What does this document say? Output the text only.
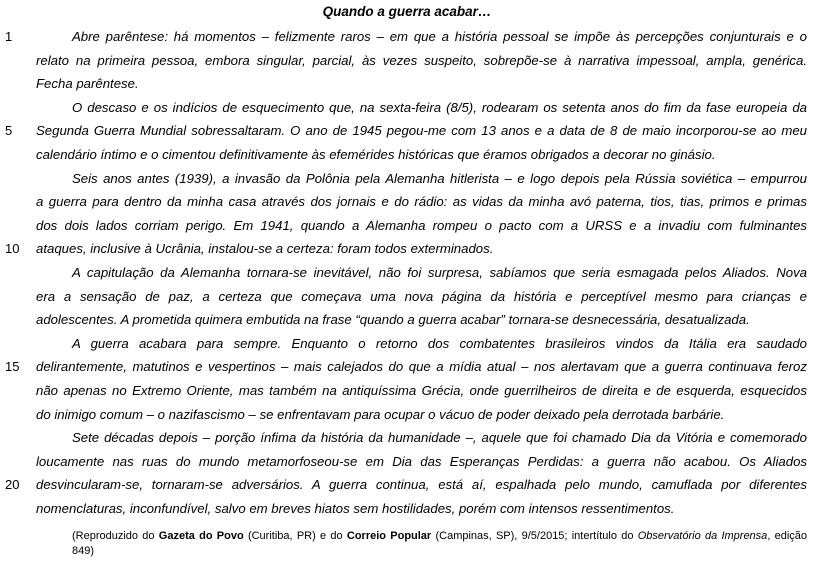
Quando a guerra acabar…
Abre parêntese: há momentos – felizmente raros – em que a história pessoal se impõe às percepções conjunturais e o
relato na primeira pessoa, embora singular, parcial, às vezes suspeito, sobrepõe-se à narrativa impessoal, ampla, genérica.
Fecha parêntese.
O descaso e os indícios de esquecimento que, na sexta-feira (8/5), rodearam os setenta anos do fim da fase europeia da
Segunda Guerra Mundial sobressaltaram. O ano de 1945 pegou-me com 13 anos e a data de 8 de maio incorporou-se ao meu
calendário íntimo e o cimentou definitivamente às efemérides históricas que éramos obrigados a decorar no ginásio.
Seis anos antes (1939), a invasão da Polônia pela Alemanha hitlerista – e logo depois pela Rússia soviética – empurrou
a guerra para dentro da minha casa através dos jornais e do rádio: as vidas da minha avó paterna, tios, tias, primos e primas
dos dois lados corriam perigo. Em 1941, quando a Alemanha rompeu o pacto com a URSS e a invadiu com fulminantes
ataques, inclusive à Ucrânia, instalou-se a certeza: foram todos exterminados.
A capitulação da Alemanha tornara-se inevitável, não foi surpresa, sabíamos que seria esmagada pelos Aliados. Nova
era a sensação de paz, a certeza que começava uma nova página da história e perceptível mesmo para crianças e
adolescentes. A prometida quimera embutida na frase “quando a guerra acabar” tornara-se desnecessária, desatualizada.
A guerra acabara para sempre. Enquanto o retorno dos combatentes brasileiros vindos da Itália era saudado
delirantemente, matutinos e vespertinos – mais calejados do que a mídia atual – nos alertavam que a guerra continuava feroz
não apenas no Extremo Oriente, mas também na antiquíssima Grécia, onde guerrilheiros de direita e de esquerda, esquecidos
do inimigo comum – o nazifascismo – se enfrentavam para ocupar o vácuo de poder deixado pela derrotada barbárie.
Sete décadas depois – porção ínfima da história da humanidade –, aquele que foi chamado Dia da Vitória e comemorado
loucamente nas ruas do mundo metamorfoseou-se em Dia das Esperanças Perdidas: a guerra não acabou. Os Aliados
desvincularam-se, tornaram-se adversários. A guerra continua, está aí, espalhada pelo mundo, camuflada por diferentes
nomenclaturas, inconfundível, salvo em breves hiatos sem hostilidades, porém com intensos ressentimentos.
1
5
10
15
20
(Reproduzido do Gazeta do Povo (Curitiba, PR) e do Correio Popular (Campinas, SP), 9/5/2015; intertítulo do Observatório da Imprensa, edição 849)
